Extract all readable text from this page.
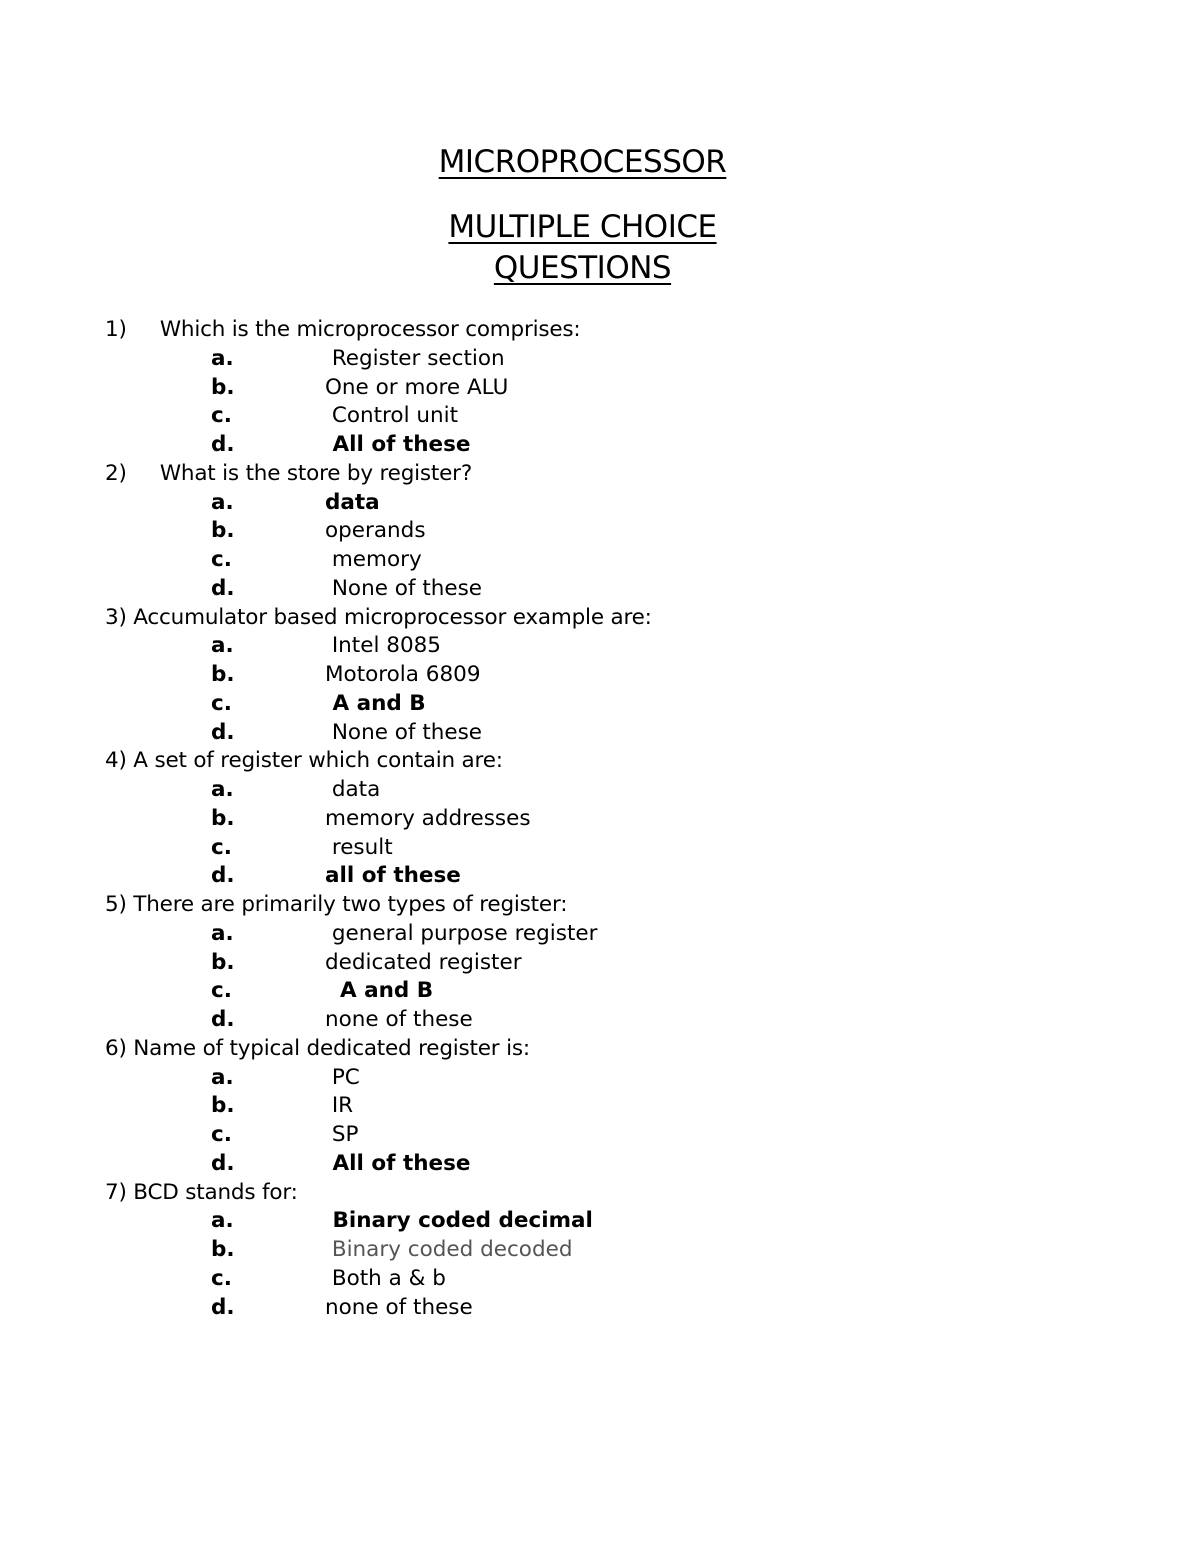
MICROPROCESSOR
MULTIPLE CHOICE
QUESTIONS
1)     Which is the microprocessor comprises:
a.	Register section
b.	One or more ALU
c.	Control unit
d.	All of these
2)     What is the store by register?
a.	data
b.	operands
c.	memory
d.	None of these
3) Accumulator based microprocessor example are:
a.	Intel 8085
b.	Motorola 6809
c.	A and B
d.	None of these
4) A set of register which contain are:
a.	data
b.	memory addresses
c.	result
d.	all of these
5) There are primarily two types of register:
a.	general purpose register
b.	dedicated register
c.	A and B
d.	none of these
6) Name of typical dedicated register is:
a.	PC
b.	IR
c.	SP
d.	All of these
7) BCD stands for:
a.	Binary coded decimal
b.	Binary coded decoded
c.	Both a & b
d.	none of these
